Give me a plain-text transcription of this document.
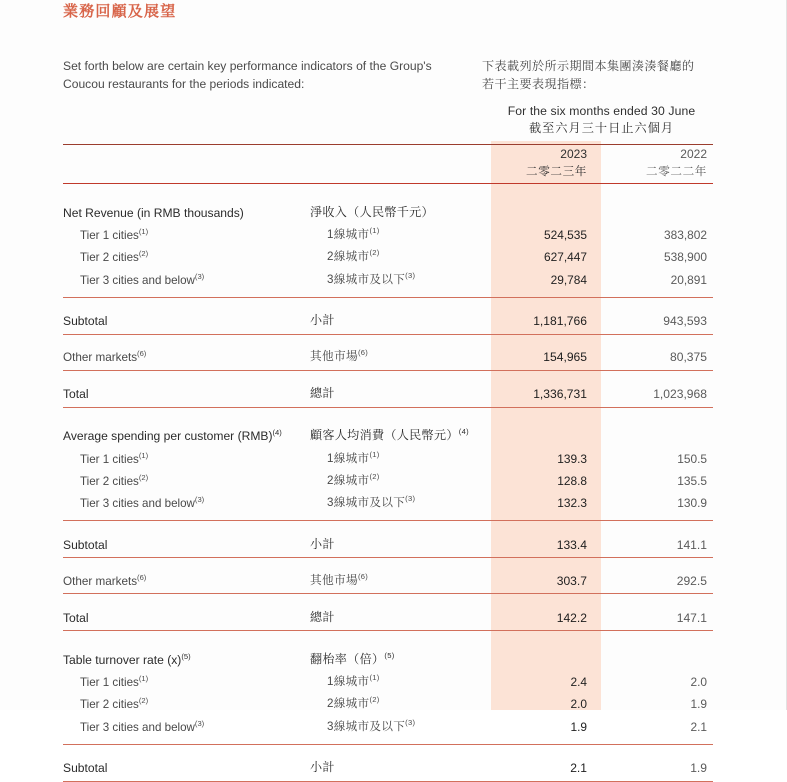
業務回顧及展望
Set forth below are certain key performance indicators of the Group's
Coucou restaurants for the periods indicated:
下表載列於所示期間本集團湊湊餐廳的
若干主要表現指標：
		For the six months ended 30 June	
		截至六月三十日止六個月	

		2023	2022
		二零二三年	二零二二年

Net Revenue (in RMB thousands)	淨收入（人民幣千元）		
Tier 1 cities$^{(1)}$	1線城市$^{(1)}$	524,535	383,802
Tier 2 cities$^{(2)}$	2線城市$^{(2)}$	627,447	538,900
Tier 3 cities and below$^{(3)}$	3線城市及以下$^{(3)}$	29,784	20,891

Subtotal	小計	1,181,766	943,593

Other markets$^{(6)}$	其他市場$^{(6)}$	154,965	80,375

Total	總計	1,336,731	1,023,968

Average spending per customer (RMB)$^{(4)}$	顧客人均消費（人民幣元）$^{(4)}$		
Tier 1 cities$^{(1)}$	1線城市$^{(1)}$	139.3	150.5
Tier 2 cities$^{(2)}$	2線城市$^{(2)}$	128.8	135.5
Tier 3 cities and below$^{(3)}$	3線城市及以下$^{(3)}$	132.3	130.9

Subtotal	小計	133.4	141.1

Other markets$^{(6)}$	其他市場$^{(6)}$	303.7	292.5

Total	總計	142.2	147.1

Table turnover rate $(x)^{(5)}$	翻枱率（倍）$^{(5)}$		
Tier 1 cities$^{(1)}$	1線城市$^{(1)}$	2.4	2.0
Tier 2 cities$^{(2)}$	2線城市$^{(2)}$	2.0	1.9
Tier 3 cities and below$^{(3)}$	3線城市及以下$^{(3)}$	1.9	2.1

Subtotal	小計	2.1	1.9
